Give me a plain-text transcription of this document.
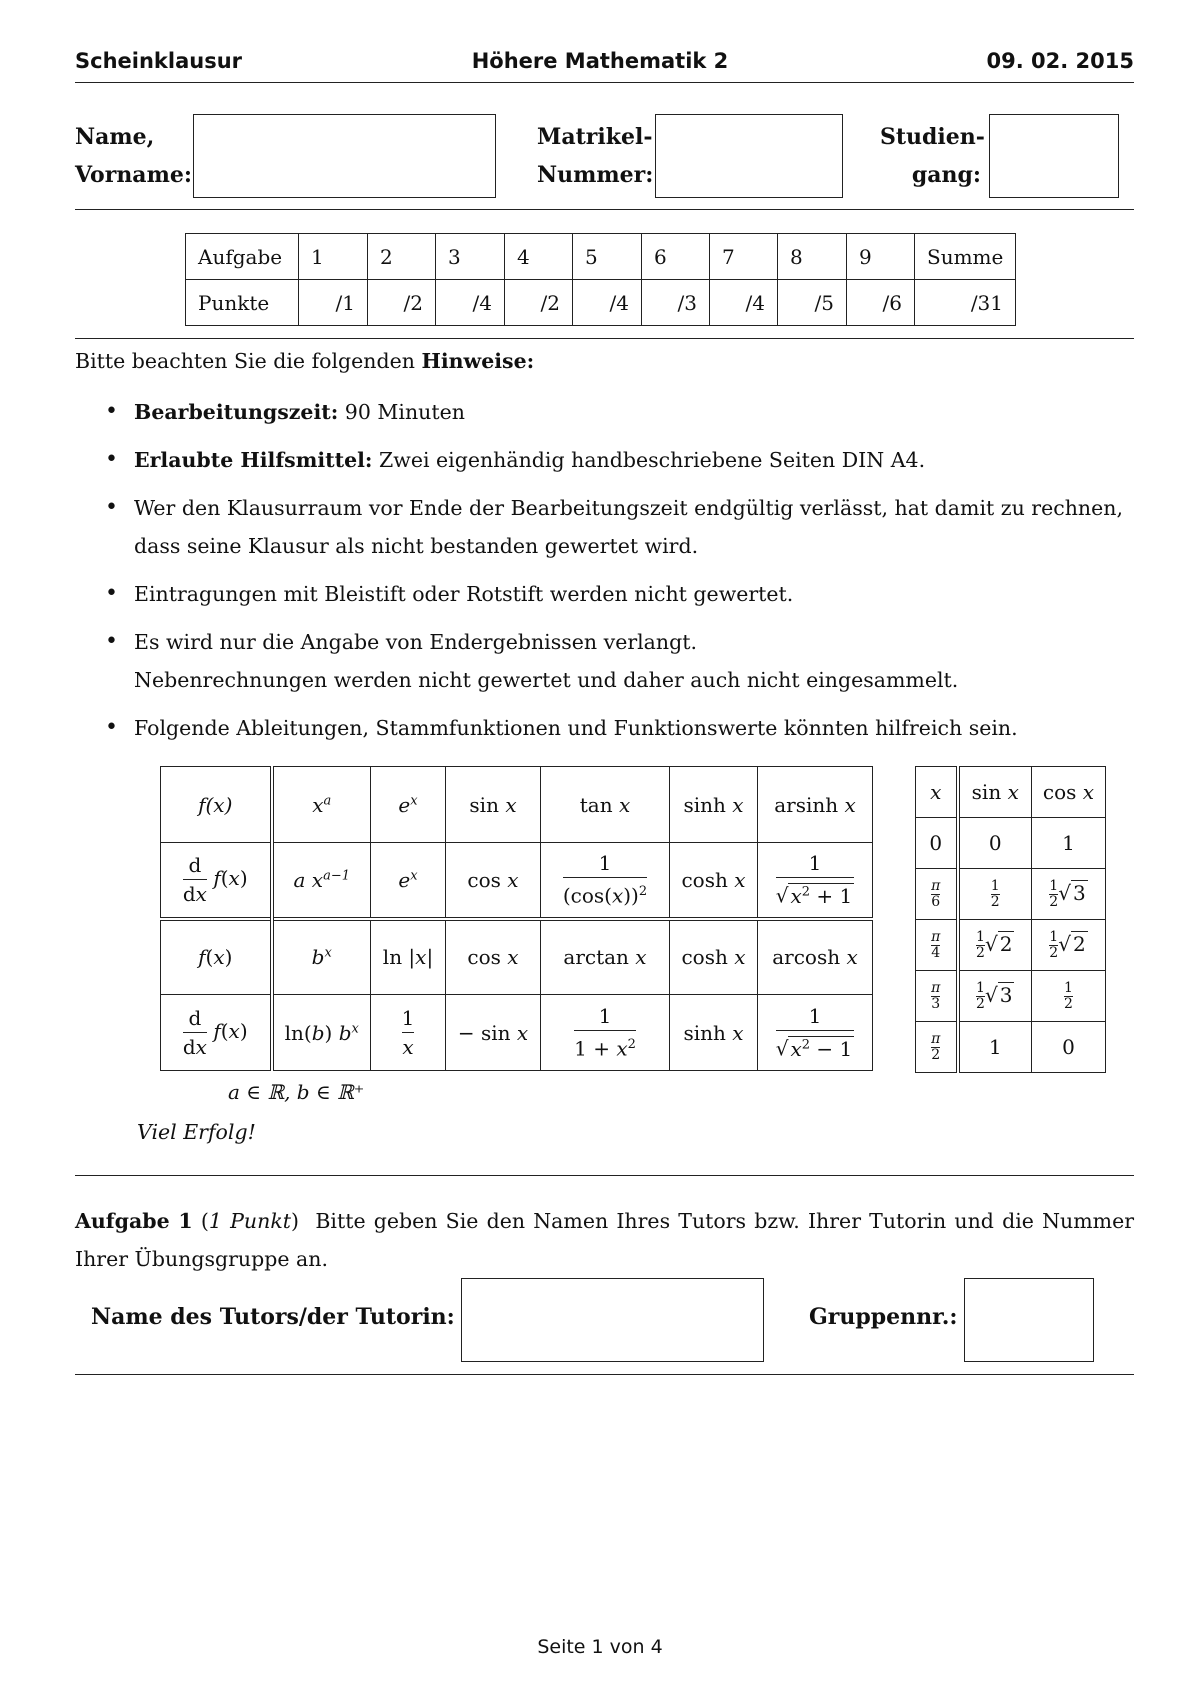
Scheinklausur	Höhere Mathematik 2	09. 02. 2015
Name,
Vorname:
Matrikel-
Nummer:
Studien-
gang:
Aufgabe	1	2	3	4	5	6	7	8	9	Summe
Punkte	/1	/2	/4	/2	/4	/3	/4	/5	/6	/31
Bitte beachten Sie die folgenden Hinweise:
• Bearbeitungszeit: 90 Minuten
• Erlaubte Hilfsmittel: Zwei eigenhändig handbeschriebene Seiten DIN A4.
• Wer den Klausurraum vor Ende der Bearbeitungszeit endgültig verlässt, hat damit zu rechnen, dass seine Klausur als nicht bestanden gewertet wird.
• Eintragungen mit Bleistift oder Rotstift werden nicht gewertet.
• Es wird nur die Angabe von Endergebnissen verlangt.
Nebenrechnungen werden nicht gewertet und daher auch nicht eingesammelt.
• Folgende Ableitungen, Stammfunktionen und Funktionswerte könnten hilfreich sein.
f(x)	$x^a$	$e^x$	sin x	tan x	sinh x	arsinh x

$\frac{d}{dx} f(x)$	a $x^{a-1}$	$e^x$	cos x	$\frac{1}{(\cos(x))^2}$	cosh x	$\frac{1}{√ x^2 + 1}$

f(x)	$b^x$	ln |x|	cos x	arctan x	cosh x	arcosh x

$\frac{d}{dx} f(x)$	ln(b) $b^x$	$\frac{1}{x}$	− sin x	$\frac{1}{1 + x^2}$	sinh x	$\frac{1}{√ x^2 - 1}$
a ∈ ℝ, b ∈ ℝ⁺
Viel Erfolg!
x	sin x	cos x
0	0	1

$\frac{\pi}{6}$	$\frac{1}{2}$	$\frac{1}{2}$ √ 3

$\frac{\pi}{4}$	$\frac{1}{2}$ √ 2	$\frac{1}{2}$ √ 2

$\frac{\pi}{3}$	$\frac{1}{2}$ √ 3	$\frac{1}{2}$

$\frac{\pi}{2}$	1	0
Aufgabe 1 (1 Punkt)  Bitte geben Sie den Namen Ihres Tutors bzw. Ihrer Tutorin und die Nummer Ihrer Übungsgruppe an.
Name des Tutors/der Tutorin:	Gruppennr.:
Seite 1 von 4
